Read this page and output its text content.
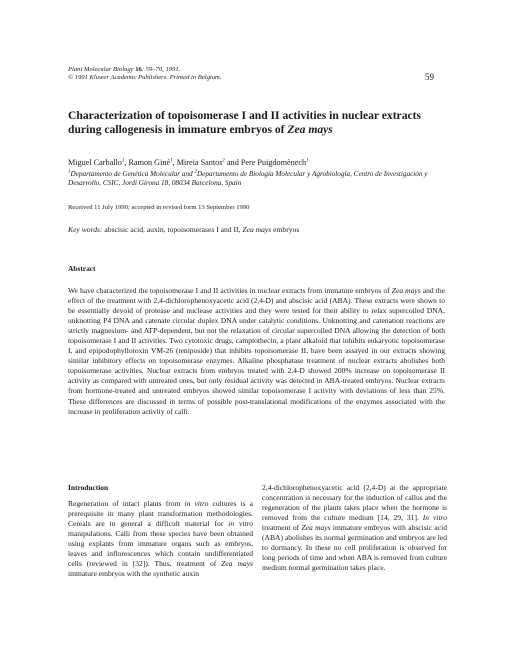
Plant Molecular Biology 16: 59–70, 1991.
© 1991 Kluwer Academic Publishers. Printed in Belgium.	59
Characterization of topoisomerase I and II activities in nuclear extracts
during callogenesis in immature embryos of Zea mays
Miguel Carballo$^1$, Ramon Giné$^1$, Mireia Santos$^2$ and Pere Puigdomènech$^1$
$^1$Departamento de Genética Molecular and $^2$Departamento de Biología Molecular y Agrobiología, Centro de Investigación y Desarrollo, CSIC, Jordi Girona 18, 08034 Barcelona, Spain
Received 11 July 1990; accepted in revised form 13 September 1990
Key words: abscisic acid, auxin, topoisomerases I and II, Zea mays embryos
Abstract

We have characterized the topoisomerase I and II activities in nuclear extracts from immature embryos of Zea mays and the effect of the treatment with 2,4-dichlorophenoxyacetic acid (2,4-D) and abscisic acid (ABA). These extracts were shown to be essentially devoid of protease and nuclease activities and they were tested for their ability to relax supercoiled DNA, unknotting P4 DNA and catenate circular duplex DNA under catalytic conditions. Unknotting and catenation reactions are strictly magnesium- and ATP-dependent, but not the relaxation of circular supercoiled DNA allowing the detection of both topoisomerase I and II activities. Two cytotoxic drugs, camptothecin, a plant alkaloid that inhibits eukaryotic topoisomerase I, and epipodophyllotoxin VM-26 (teniposide) that inhibits topoisomerase II, have been assayed in our extracts showing similar inhibitory effects on topoisomerase enzymes. Alkaline phosphatase treatment of nuclear extracts abolishes both topoisomerase activities. Nuclear extracts from embryos treated with 2,4-D showed 200% increase on topoisomerase II activity as compared with untreated ones, but only residual activity was detected in ABA-treated embryos. Nuclear extracts from hormone-treated and untreated embryos showed similar topoisomerase I activity with deviations of less than 25%. These differences are discussed in terms of possible post-translational modifications of the enzymes associated with the increase in proliferation activity of calli.

Introduction

Regeneration of intact plants from in vitro cultures is a prerequisite in many plant transformation methodologies. Cereals are in general a difficult material for in vitro manipulations. Calli from these species have been obtained using explants from immature organs such as embryos, leaves and inflorescences which contain undifferentiated cells (reviewed in [32]). Thus, treatment of Zea mays immature embryos with the synthetic auxin

2,4-dichlorophenoxyacetic acid (2,4-D) at the appropriate concentration is necessary for the induction of callus and the regeneration of the plants takes place when the hormone is removed from the culture medium [14, 29, 31]. In vitro treatment of Zea mays immature embryos with abscisic acid (ABA) abolishes its normal germination and embryos are led to dormancy. In these no cell proliferation is observed for long periods of time and when ABA is removed from culture medium normal germination takes place.
